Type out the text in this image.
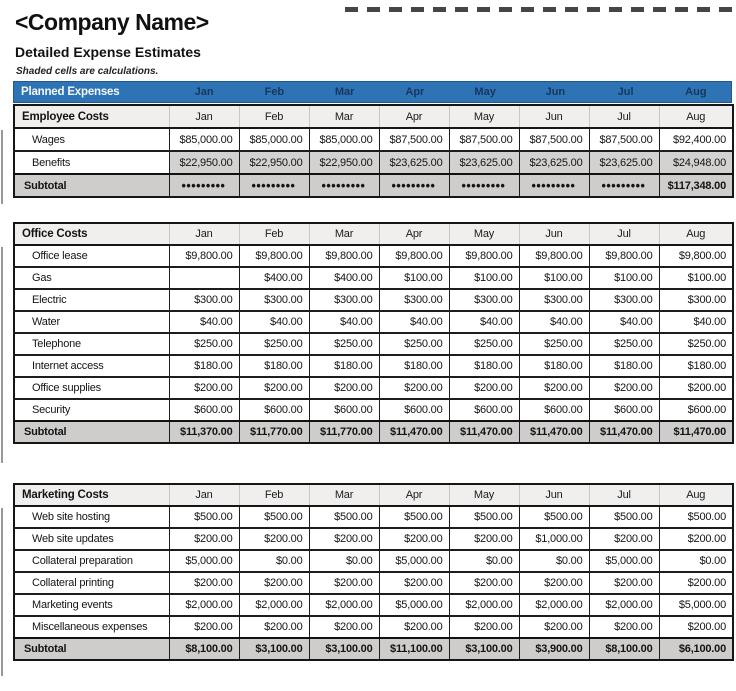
<Company Name>
Detailed Expense Estimates
Shaded cells are calculations.
Planned Expenses	Jan	Feb	Mar	Apr	May	Jun	Jul	Aug
Employee Costs	Jan	Feb	Mar	Apr	May	Jun	Jul	Aug
Wages	$85,000.00	$85,000.00	$85,000.00	$87,500.00	$87,500.00	$87,500.00	$87,500.00	$92,400.00
Benefits	$22,950.00	$22,950.00	$22,950.00	$23,625.00	$23,625.00	$23,625.00	$23,625.00	$24,948.00
Subtotal	•••••••••	•••••••••	•••••••••	•••••••••	•••••••••	•••••••••	•••••••••	$117,348.00
Office Costs	Jan	Feb	Mar	Apr	May	Jun	Jul	Aug
Office lease	$9,800.00	$9,800.00	$9,800.00	$9,800.00	$9,800.00	$9,800.00	$9,800.00	$9,800.00
Gas		$400.00	$400.00	$100.00	$100.00	$100.00	$100.00	$100.00
Electric	$300.00	$300.00	$300.00	$300.00	$300.00	$300.00	$300.00	$300.00
Water	$40.00	$40.00	$40.00	$40.00	$40.00	$40.00	$40.00	$40.00
Telephone	$250.00	$250.00	$250.00	$250.00	$250.00	$250.00	$250.00	$250.00
Internet access	$180.00	$180.00	$180.00	$180.00	$180.00	$180.00	$180.00	$180.00
Office supplies	$200.00	$200.00	$200.00	$200.00	$200.00	$200.00	$200.00	$200.00
Security	$600.00	$600.00	$600.00	$600.00	$600.00	$600.00	$600.00	$600.00
Subtotal	$11,370.00	$11,770.00	$11,770.00	$11,470.00	$11,470.00	$11,470.00	$11,470.00	$11,470.00
Marketing Costs	Jan	Feb	Mar	Apr	May	Jun	Jul	Aug
Web site hosting	$500.00	$500.00	$500.00	$500.00	$500.00	$500.00	$500.00	$500.00
Web site updates	$200.00	$200.00	$200.00	$200.00	$200.00	$1,000.00	$200.00	$200.00
Collateral preparation	$5,000.00	$0.00	$0.00	$5,000.00	$0.00	$0.00	$5,000.00	$0.00
Collateral printing	$200.00	$200.00	$200.00	$200.00	$200.00	$200.00	$200.00	$200.00
Marketing events	$2,000.00	$2,000.00	$2,000.00	$5,000.00	$2,000.00	$2,000.00	$2,000.00	$5,000.00
Miscellaneous expenses	$200.00	$200.00	$200.00	$200.00	$200.00	$200.00	$200.00	$200.00
Subtotal	$8,100.00	$3,100.00	$3,100.00	$11,100.00	$3,100.00	$3,900.00	$8,100.00	$6,100.00
